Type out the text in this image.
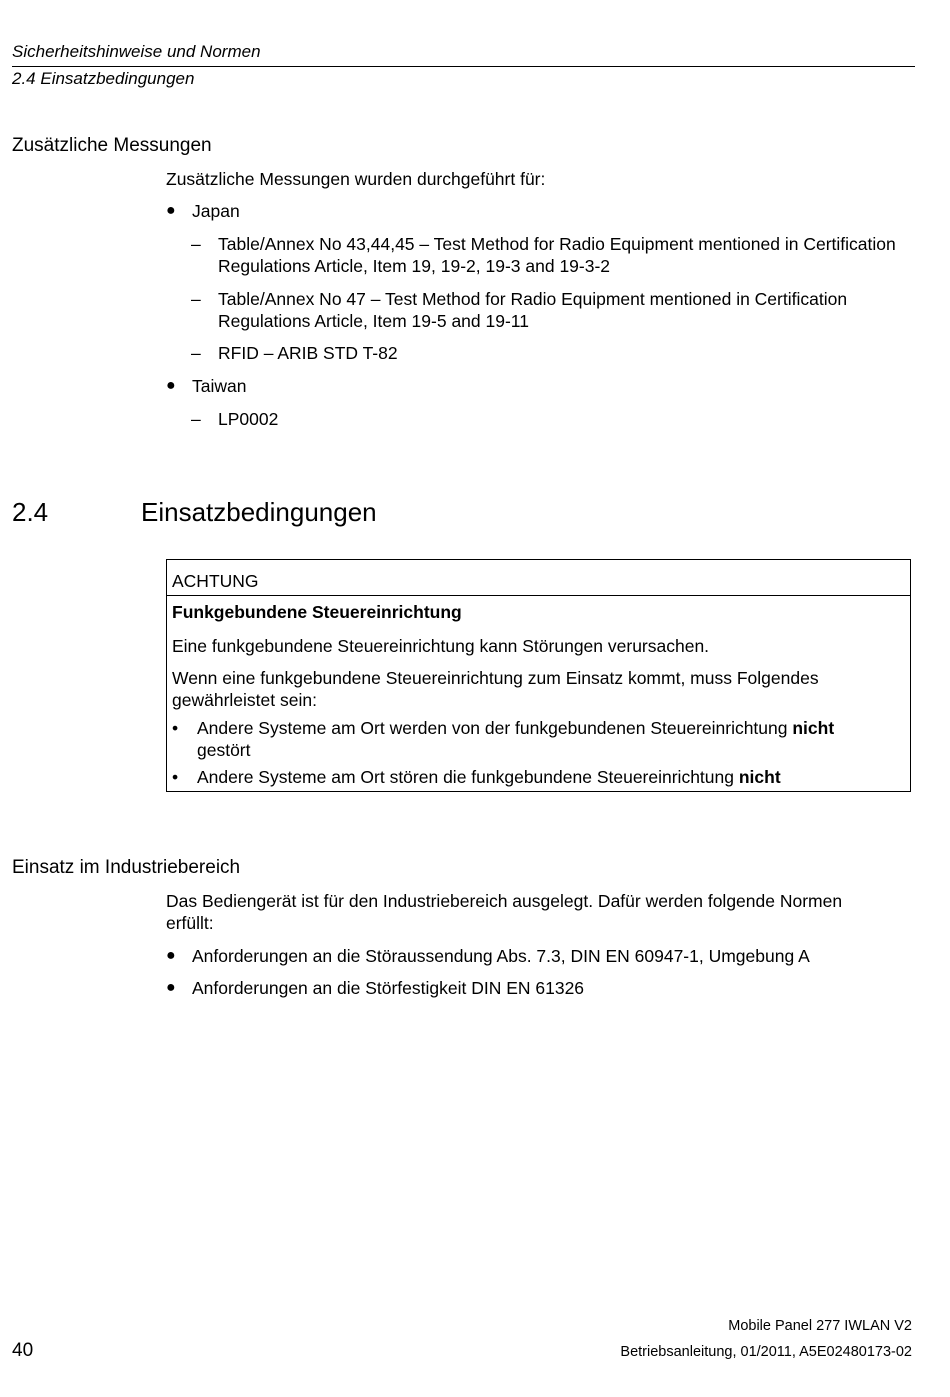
Sicherheitshinweise und Normen
2.4 Einsatzbedingungen
Zusätzliche Messungen
Zusätzliche Messungen wurden durchgeführt für:
● Japan
– Table/Annex No 43,44,45 – Test Method for Radio Equipment mentioned in Certification Regulations Article, Item 19, 19-2, 19-3 and 19-3-2
– Table/Annex No 47 – Test Method for Radio Equipment mentioned in Certification Regulations Article, Item 19-5 and 19-11
– RFID – ARIB STD T-82
● Taiwan
– LP0002
2.4	Einsatzbedingungen
ACHTUNG
Funkgebundene Steuereinrichtung
Eine funkgebundene Steuereinrichtung kann Störungen verursachen.
Wenn eine funkgebundene Steuereinrichtung zum Einsatz kommt, muss Folgendes gewährleistet sein:
• Andere Systeme am Ort werden von der funkgebundenen Steuereinrichtung nicht gestört
• Andere Systeme am Ort stören die funkgebundene Steuereinrichtung nicht
Einsatz im Industriebereich
Das Bediengerät ist für den Industriebereich ausgelegt. Dafür werden folgende Normen erfüllt:
● Anforderungen an die Störaussendung Abs. 7.3, DIN EN 60947-1, Umgebung A
● Anforderungen an die Störfestigkeit DIN EN 61326
40
Mobile Panel 277 IWLAN V2
Betriebsanleitung, 01/2011, A5E02480173-02
